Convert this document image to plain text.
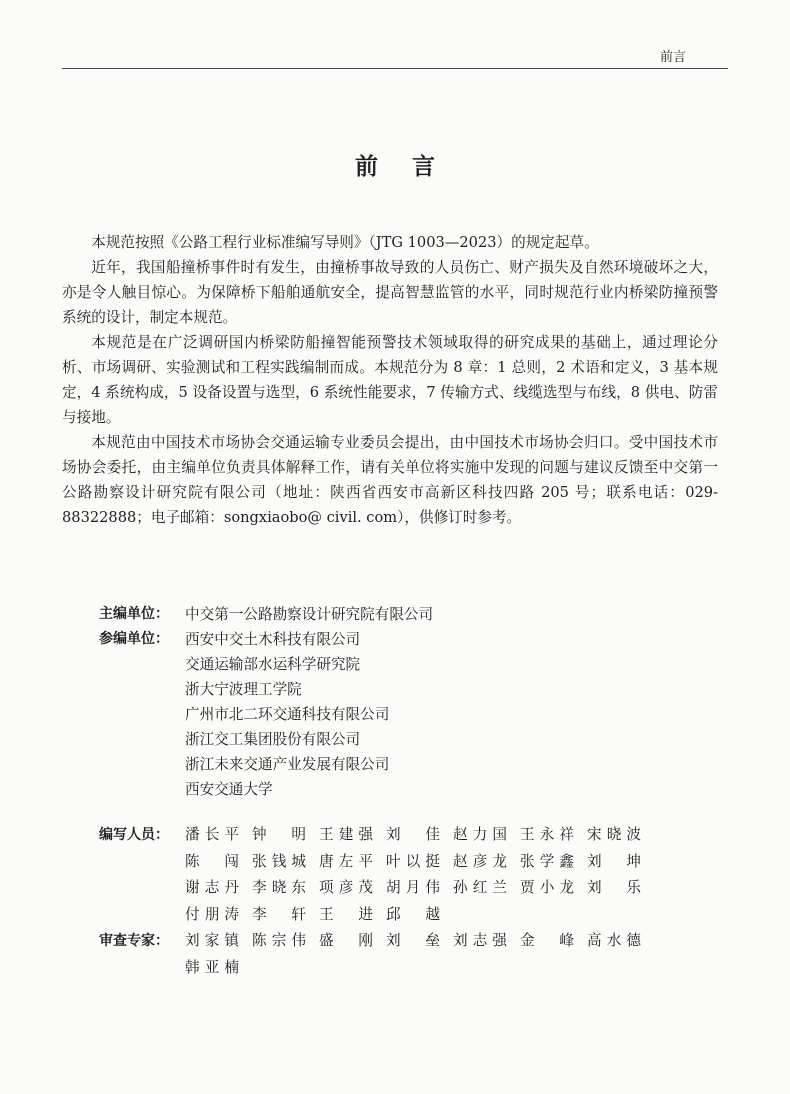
前言
前言

本规范按照《公路工程行业标准编写导则》（JTG 1003—2023）的规定起草。

近年，我国船撞桥事件时有发生，由撞桥事故导致的人员伤亡、财产损失及自然环境破坏之大，亦是令人触目惊心。为保障桥下船舶通航安全，提高智慧监管的水平，同时规范行业内桥梁防撞预警系统的设计，制定本规范。

本规范是在广泛调研国内桥梁防船撞智能预警技术领域取得的研究成果的基础上，通过理论分析、市场调研、实验测试和工程实践编制而成。本规范分为 8 章：1 总则，2 术语和定义，3 基本规定，4 系统构成，5 设备设置与选型，6 系统性能要求，7 传输方式、线缆选型与布线，8 供电、防雷与接地。

本规范由中国技术市场协会交通运输专业委员会提出，由中国技术市场协会归口。受中国技术市场协会委托，由主编单位负责具体解释工作，请有关单位将实施中发现的问题与建议反馈至中交第一公路勘察设计研究院有限公司（地址：陕西省西安市高新区科技四路 205 号；联系电话：029-88322888；电子邮箱：songxiaobo@ civil. com），供修订时参考。

主编单位：	中交第一公路勘察设计研究院有限公司
参编单位：	西安中交土木科技有限公司
交通运输部水运科学研究院
浙大宁波理工学院
广州市北二环交通科技有限公司
浙江交工集团股份有限公司
浙江未来交通产业发展有限公司
西安交通大学
编写人员：	潘长平 钟 明 王建强 刘 佳 赵力国 王永祥 宋晓波
陈 闯 张钱城 唐左平 叶以挺 赵彦龙 张学鑫 刘 坤
谢志丹 李晓东 项彦茂 胡月伟 孙红兰 贾小龙 刘 乐
付朋涛 李 轩 王 进 邱 越
审查专家：	刘家镇 陈宗伟 盛 刚 刘 垒 刘志强 金 峰 高水德
韩亚楠
